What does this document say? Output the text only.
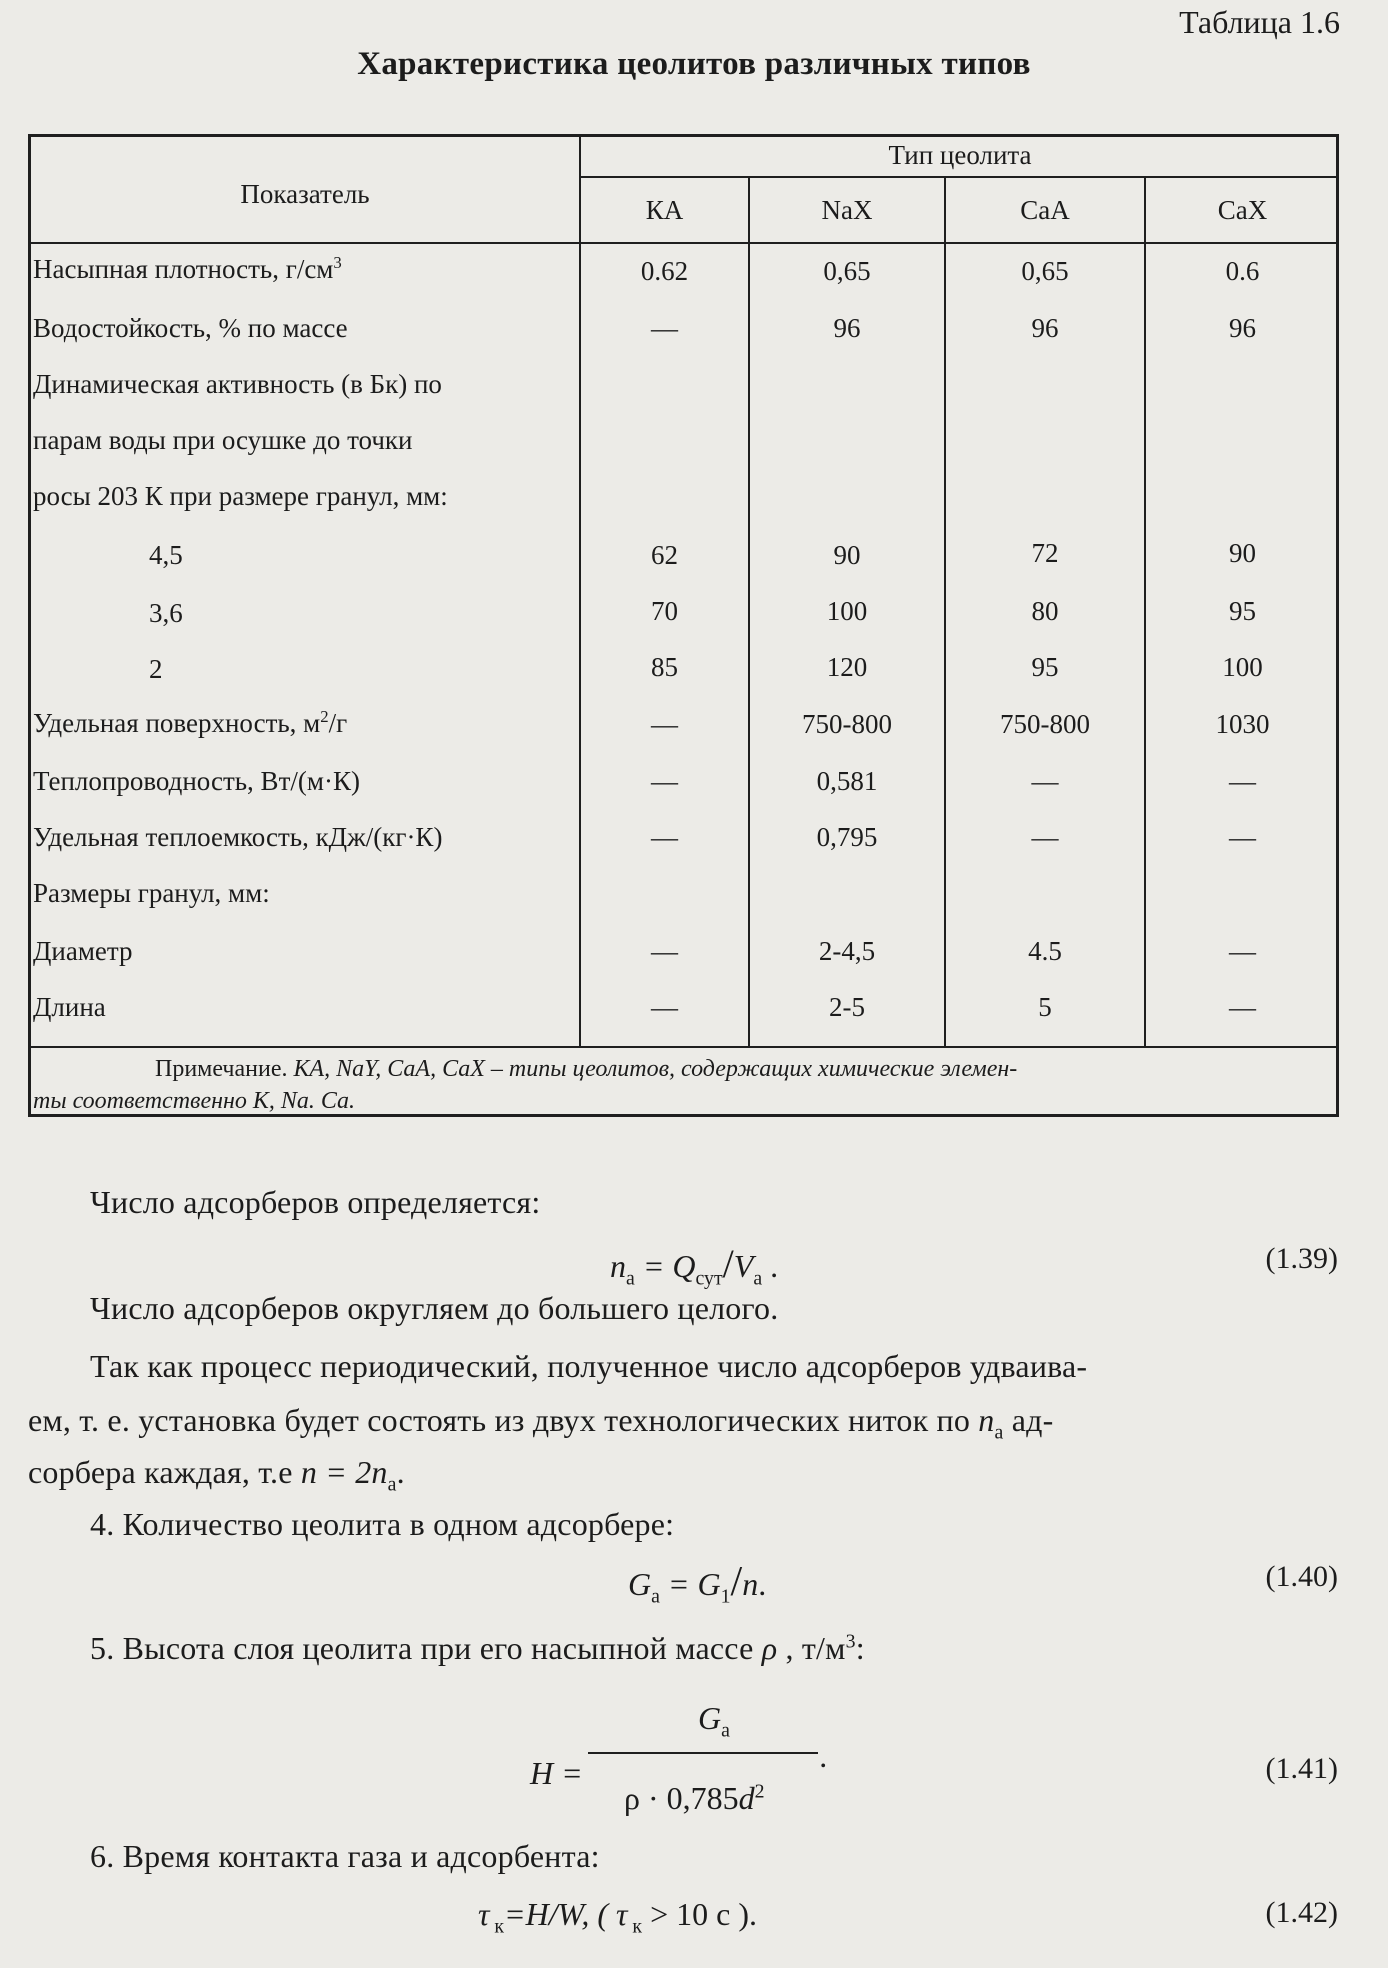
Таблица 1.6
Характеристика цеолитов различных типов
Показатель
Тип цеолита
КА	NaX	СаА	СаХ
Насыпная плотность, $г/см^3$	0.62	0,65	0,65	0.6
Водостойкость, % по массе	—	96	96	96
Динамическая активность (в Бк) по
парам воды при осушке до точки
росы 203 К при размере гранул, мм:
4,5	62	90	72	90
3,6	70	100	80	95
2	85	120	95	100
Удельная поверхность, $м^2/г$	—	750-800	750-800	1030
Теплопроводность, Вт/(м·К)	—	0,581	—	—
Удельная теплоемкость, кДж/(кг·К)	—	0,795	—	—
Размеры гранул, мм:
Диаметр	—	2-4,5	4.5	—
Длина	—	2-5	5	—
Примечание. КА, NaY, СаА, СаХ – типы цеолитов, содержащих химические элемен-
ты соответственно К, Na. Са.
Число адсорберов определяется:
$n_а = Q_{сут}/V_а$ .	(1.39)
Число адсорберов округляем до большего целого.
Так как процесс периодический, полученное число адсорберов удваива-
ем, т. е. установка будет состоять из двух технологических ниток по $n_а$ ад-
сорбера каждая, т.е $n = 2n_а$.
4. Количество цеолита в одном адсорбере:
$G_а = G_1/n$.	(1.40)
5. Высота слоя цеолита при его насыпной массе ρ , $т/м^3$:
H =
$G_а$
$\rho \cdot 0,785d^2$
.	(1.41)
6. Время контакта газа и адсорбента:
τ $_к$=H/W, ( τ $_к$ > 10 с ).	(1.42)
